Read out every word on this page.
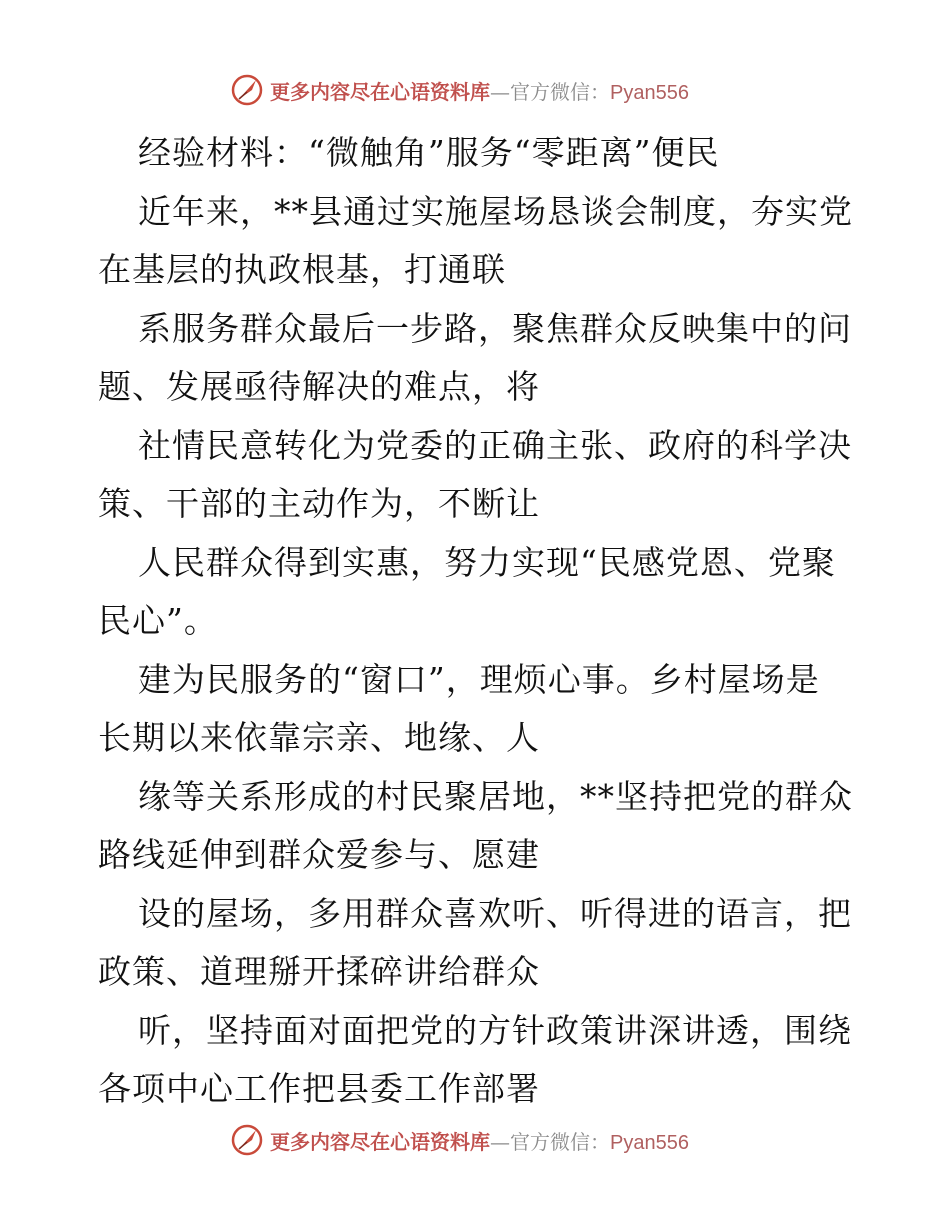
更多内容尽在心语资料库—官方微信：Pyan556
经验材料：“微触角”服务“零距离”便民
近年来，**县通过实施屋场恳谈会制度，夯实党
在基层的执政根基，打通联
系服务群众最后一步路，聚焦群众反映集中的问
题、发展亟待解决的难点，将
社情民意转化为党委的正确主张、政府的科学决
策、干部的主动作为，不断让
人民群众得到实惠，努力实现“民感党恩、党聚
民心”。
建为民服务的“窗口”，理烦心事。乡村屋场是
长期以来依靠宗亲、地缘、人
缘等关系形成的村民聚居地，**坚持把党的群众
路线延伸到群众爱参与、愿建
设的屋场，多用群众喜欢听、听得进的语言，把
政策、道理掰开揉碎讲给群众
听，坚持面对面把党的方针政策讲深讲透，围绕
各项中心工作把县委工作部署
更多内容尽在心语资料库—官方微信：Pyan556
